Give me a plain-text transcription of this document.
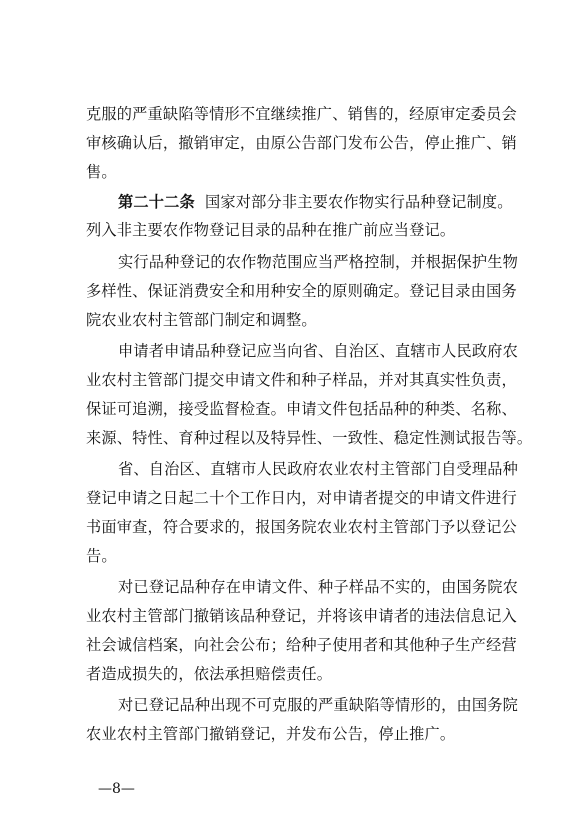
克服的严重缺陷等情形不宜继续推广、销售的，经原审定委员会
审核确认后，撤销审定，由原公告部门发布公告，停止推广、销
售。
第二十二条 国家对部分非主要农作物实行品种登记制度。
列入非主要农作物登记目录的品种在推广前应当登记。
实行品种登记的农作物范围应当严格控制，并根据保护生物
多样性、保证消费安全和用种安全的原则确定。登记目录由国务
院农业农村主管部门制定和调整。
申请者申请品种登记应当向省、自治区、直辖市人民政府农
业农村主管部门提交申请文件和种子样品，并对其真实性负责，
保证可追溯，接受监督检查。申请文件包括品种的种类、名称、
来源、特性、育种过程以及特异性、一致性、稳定性测试报告等。
省、自治区、直辖市人民政府农业农村主管部门自受理品种
登记申请之日起二十个工作日内，对申请者提交的申请文件进行
书面审查，符合要求的，报国务院农业农村主管部门予以登记公
告。
对已登记品种存在申请文件、种子样品不实的，由国务院农
业农村主管部门撤销该品种登记，并将该申请者的违法信息记入
社会诚信档案，向社会公布；给种子使用者和其他种子生产经营
者造成损失的，依法承担赔偿责任。
对已登记品种出现不可克服的严重缺陷等情形的，由国务院
农业农村主管部门撤销登记，并发布公告，停止推广。
—8—
